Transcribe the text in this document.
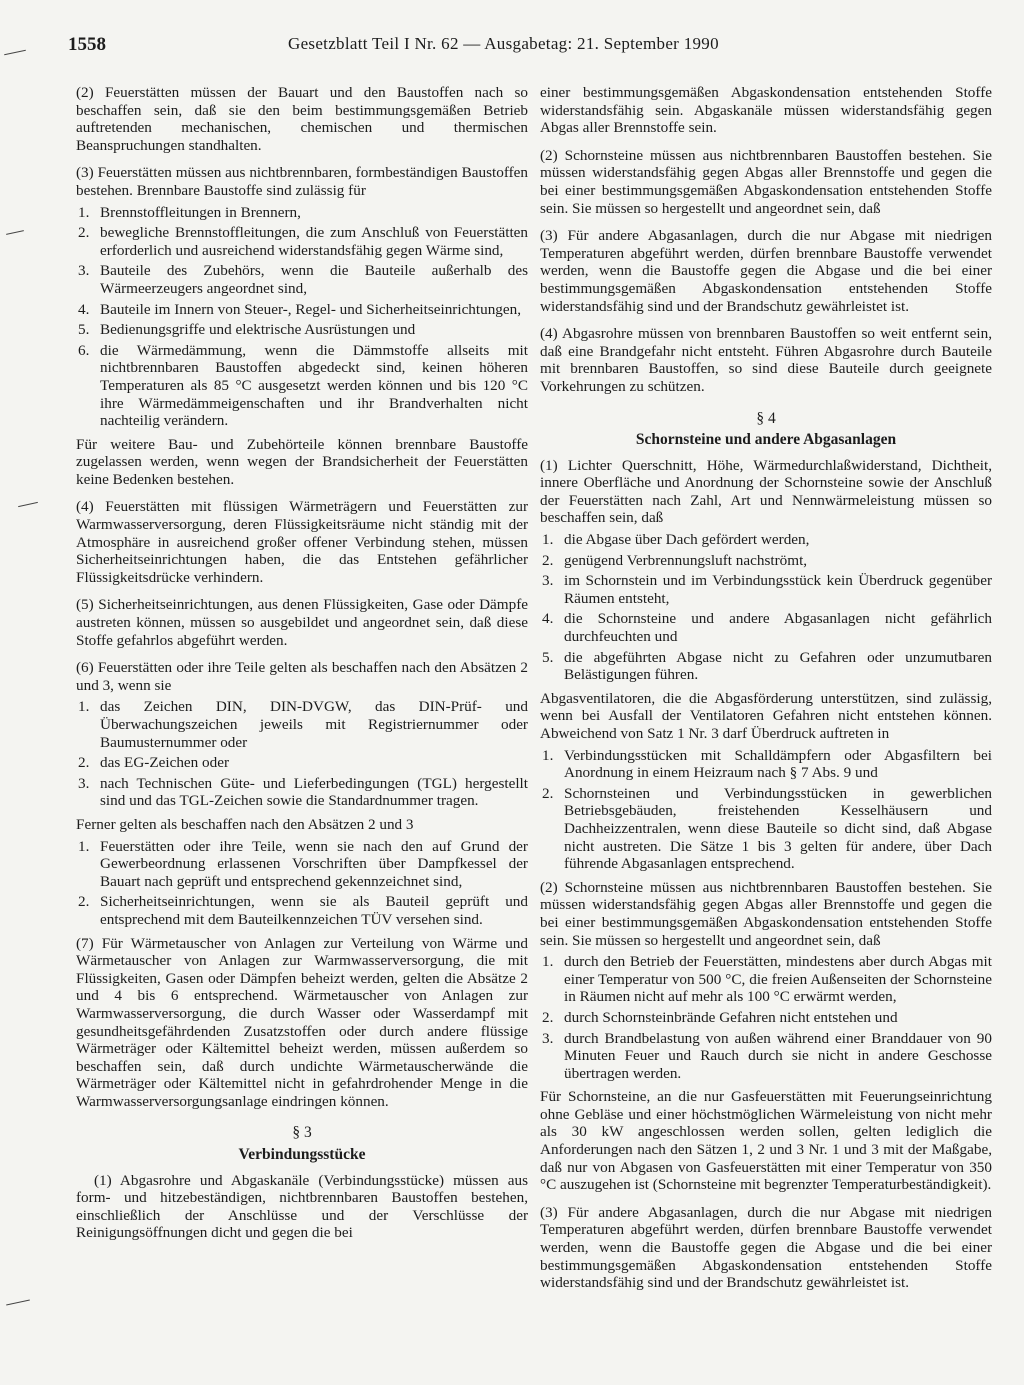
1558	Gesetzblatt Teil I Nr. 62 — Ausgabetag: 21. September 1990

(2) Feuerstätten müssen der Bauart und den Baustoffen nach so beschaffen sein, daß sie den beim bestimmungsgemäßen Betrieb auftretenden mechanischen, chemischen und thermischen Beanspruchungen standhalten.

(3) Feuerstätten müssen aus nichtbrennbaren, formbeständigen Baustoffen bestehen. Brennbare Baustoffe sind zulässig für

1. Brennstoffleitungen in Brennern,
2. bewegliche Brennstoffleitungen, die zum Anschluß von Feuerstätten erforderlich und ausreichend widerstandsfähig gegen Wärme sind,
3. Bauteile des Zubehörs, wenn die Bauteile außerhalb des Wärmeerzeugers angeordnet sind,
4. Bauteile im Innern von Steuer-, Regel- und Sicherheitseinrichtungen,
5. Bedienungsgriffe und elektrische Ausrüstungen und
6. die Wärmedämmung, wenn die Dämmstoffe allseits mit nichtbrennbaren Baustoffen abgedeckt sind, keinen höheren Temperaturen als 85 °C ausgesetzt werden können und bis 120 °C ihre Wärmedämmeigenschaften und ihr Brandverhalten nicht nachteilig verändern.

Für weitere Bau- und Zubehörteile können brennbare Baustoffe zugelassen werden, wenn wegen der Brandsicherheit der Feuerstätten keine Bedenken bestehen.

(4) Feuerstätten mit flüssigen Wärmeträgern und Feuerstätten zur Warmwasserversorgung, deren Flüssigkeitsräume nicht ständig mit der Atmosphäre in ausreichend großer offener Verbindung stehen, müssen Sicherheitseinrichtungen haben, die das Entstehen gefährlicher Flüssigkeitsdrücke verhindern.

(5) Sicherheitseinrichtungen, aus denen Flüssigkeiten, Gase oder Dämpfe austreten können, müssen so ausgebildet und angeordnet sein, daß diese Stoffe gefahrlos abgeführt werden.

(6) Feuerstätten oder ihre Teile gelten als beschaffen nach den Absätzen 2 und 3, wenn sie

1. das Zeichen DIN, DIN-DVGW, das DIN-Prüf- und Überwachungszeichen jeweils mit Registriernummer oder Baumusternummer oder
2. das EG-Zeichen oder
3. nach Technischen Güte- und Lieferbedingungen (TGL) hergestellt sind und das TGL-Zeichen sowie die Standardnummer tragen.

Ferner gelten als beschaffen nach den Absätzen 2 und 3

1. Feuerstätten oder ihre Teile, wenn sie nach den auf Grund der Gewerbeordnung erlassenen Vorschriften über Dampfkessel der Bauart nach geprüft und entsprechend gekennzeichnet sind,
2. Sicherheitseinrichtungen, wenn sie als Bauteil geprüft und entsprechend mit dem Bauteilkennzeichen TÜV versehen sind.

(7) Für Wärmetauscher von Anlagen zur Verteilung von Wärme und Wärmetauscher von Anlagen zur Warmwasserversorgung, die mit Flüssigkeiten, Gasen oder Dämpfen beheizt werden, gelten die Absätze 2 und 4 bis 6 entsprechend. Wärmetauscher von Anlagen zur Warmwasserversorgung, die durch Wasser oder Wasserdampf mit gesundheitsgefährdenden Zusatzstoffen oder durch andere flüssige Wärmeträger oder Kältemittel beheizt werden, müssen außerdem so beschaffen sein, daß durch undichte Wärmetauscherwände die Wärmeträger oder Kältemittel nicht in gefahrdrohender Menge in die Warmwasserversorgungsanlage eindringen können.

§ 3
Verbindungsstücke

(1) Abgasrohre und Abgaskanäle (Verbindungsstücke) müssen aus form- und hitzebeständigen, nichtbrennbaren Baustoffen bestehen, einschließlich der Anschlüsse und der Verschlüsse der Reinigungsöffnungen dicht und gegen die bei

einer bestimmungsgemäßen Abgaskondensation entstehenden Stoffe widerstandsfähig sein. Abgaskanäle müssen widerstandsfähig gegen Abgas aller Brennstoffe sein.

(2) Schornsteine müssen aus nichtbrennbaren Baustoffen bestehen. Sie müssen widerstandsfähig gegen Abgas aller Brennstoffe und gegen die bei einer bestimmungsgemäßen Abgaskondensation entstehenden Stoffe sein. Sie müssen so hergestellt und angeordnet sein, daß

(3) Für andere Abgasanlagen, durch die nur Abgase mit niedrigen Temperaturen abgeführt werden, dürfen brennbare Baustoffe verwendet werden, wenn die Baustoffe gegen die Abgase und die bei einer bestimmungsgemäßen Abgaskondensation entstehenden Stoffe widerstandsfähig sind und der Brandschutz gewährleistet ist.

(4) Abgasrohre müssen von brennbaren Baustoffen so weit entfernt sein, daß eine Brandgefahr nicht entsteht. Führen Abgasrohre durch Bauteile mit brennbaren Baustoffen, so sind diese Bauteile durch geeignete Vorkehrungen zu schützen.

§ 4
Schornsteine und andere Abgasanlagen

(1) Lichter Querschnitt, Höhe, Wärmedurchlaßwiderstand, Dichtheit, innere Oberfläche und Anordnung der Schornsteine sowie der Anschluß der Feuerstätten nach Zahl, Art und Nennwärmeleistung müssen so beschaffen sein, daß

1. die Abgase über Dach gefördert werden,
2. genügend Verbrennungsluft nachströmt,
3. im Schornstein und im Verbindungsstück kein Überdruck gegenüber Räumen entsteht,
4. die Schornsteine und andere Abgasanlagen nicht gefährlich durchfeuchten und
5. die abgeführten Abgase nicht zu Gefahren oder unzumutbaren Belästigungen führen.

Abgasventilatoren, die die Abgasförderung unterstützen, sind zulässig, wenn bei Ausfall der Ventilatoren Gefahren nicht entstehen können. Abweichend von Satz 1 Nr. 3 darf Überdruck auftreten in

1. Verbindungsstücken mit Schalldämpfern oder Abgasfiltern bei Anordnung in einem Heizraum nach § 7 Abs. 9 und
2. Schornsteinen und Verbindungsstücken in gewerblichen Betriebsgebäuden, freistehenden Kesselhäusern und Dachheizzentralen, wenn diese Bauteile so dicht sind, daß Abgase nicht austreten. Die Sätze 1 bis 3 gelten für andere, über Dach führende Abgasanlagen entsprechend.

(2) Schornsteine müssen aus nichtbrennbaren Baustoffen bestehen. Sie müssen widerstandsfähig gegen Abgas aller Brennstoffe und gegen die bei einer bestimmungsgemäßen Abgaskondensation entstehenden Stoffe sein. Sie müssen so hergestellt und angeordnet sein, daß

1. durch den Betrieb der Feuerstätten, mindestens aber durch Abgas mit einer Temperatur von 500 °C, die freien Außenseiten der Schornsteine in Räumen nicht auf mehr als 100 °C erwärmt werden,
2. durch Schornsteinbrände Gefahren nicht entstehen und
3. durch Brandbelastung von außen während einer Branddauer von 90 Minuten Feuer und Rauch durch sie nicht in andere Geschosse übertragen werden.

Für Schornsteine, an die nur Gasfeuerstätten mit Feuerungseinrichtung ohne Gebläse und einer höchstmöglichen Wärmeleistung von nicht mehr als 30 kW angeschlossen werden sollen, gelten lediglich die Anforderungen nach den Sätzen 1, 2 und 3 Nr. 1 und 3 mit der Maßgabe, daß nur von Abgasen von Gasfeuerstätten mit einer Temperatur von 350 °C auszugehen ist (Schornsteine mit begrenzter Temperaturbeständigkeit).

(3) Für andere Abgasanlagen, durch die nur Abgase mit niedrigen Temperaturen abgeführt werden, dürfen brennbare Baustoffe verwendet werden, wenn die Baustoffe gegen die Abgase und die bei einer bestimmungsgemäßen Abgaskondensation entstehenden Stoffe widerstandsfähig sind und der Brandschutz gewährleistet ist.
